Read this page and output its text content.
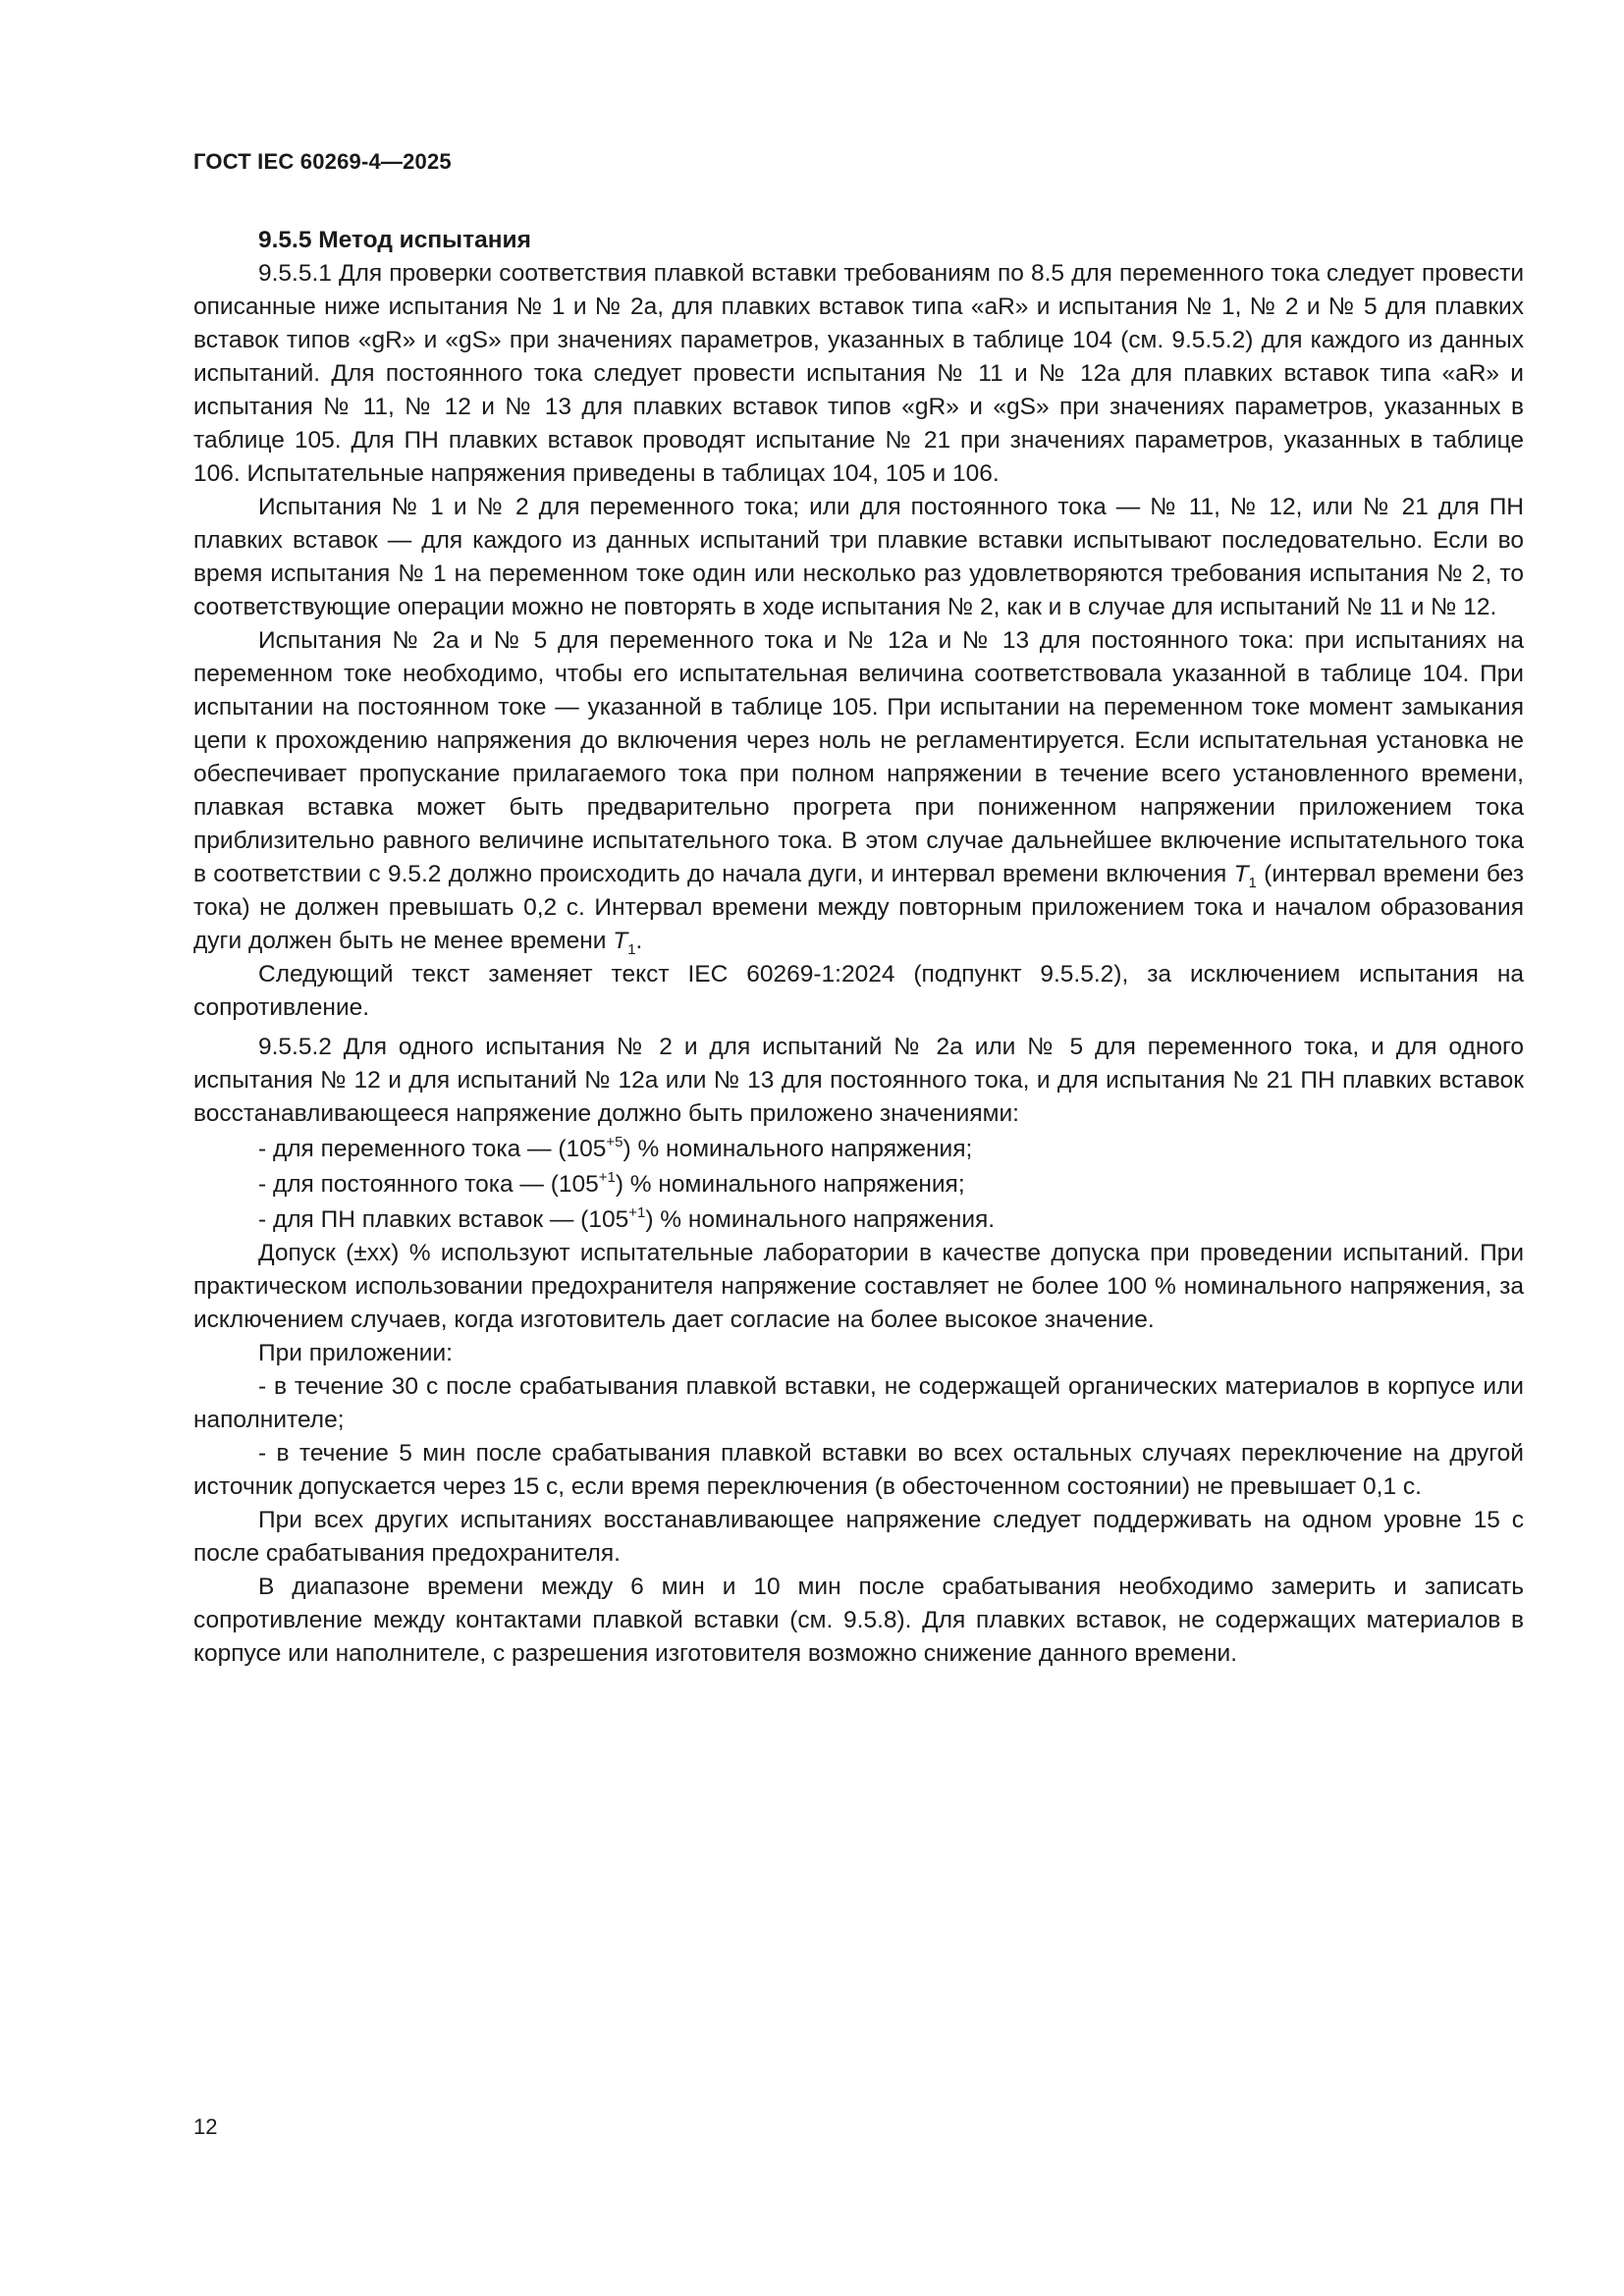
ГОСТ IEC 60269-4—2025

9.5.5 Метод испытания

9.5.5.1 Для проверки соответствия плавкой вставки требованиям по 8.5 для переменного тока следует провести описанные ниже испытания № 1 и № 2а, для плавких вставок типа «aR» и испытания № 1, № 2 и № 5 для плавких вставок типов «gR» и «gS» при значениях параметров, указанных в таблице 104 (см. 9.5.5.2) для каждого из данных испытаний. Для постоянного тока следует провести испытания № 11 и № 12а для плавких вставок типа «aR» и испытания № 11, № 12 и № 13 для плавких вставок типов «gR» и «gS» при значениях параметров, указанных в таблице 105. Для ПН плавких вставок проводят испытание № 21 при значениях параметров, указанных в таблице 106. Испытательные напряжения приведены в таблицах 104, 105 и 106.

Испытания № 1 и № 2 для переменного тока; или для постоянного тока — № 11, № 12, или № 21 для ПН плавких вставок — для каждого из данных испытаний три плавкие вставки испытывают последовательно. Если во время испытания № 1 на переменном токе один или несколько раз удовлетворяются требования испытания № 2, то соответствующие операции можно не повторять в ходе испытания № 2, как и в случае для испытаний № 11 и № 12.

Испытания № 2а и № 5 для переменного тока и № 12а и № 13 для постоянного тока: при испытаниях на переменном токе необходимо, чтобы его испытательная величина соответствовала указанной в таблице 104. При испытании на постоянном токе — указанной в таблице 105. При испытании на переменном токе момент замыкания цепи к прохождению напряжения до включения через ноль не регламентируется. Если испытательная установка не обеспечивает пропускание прилагаемого тока при полном напряжении в течение всего установленного времени, плавкая вставка может быть предварительно прогрета при пониженном напряжении приложением тока приблизительно равного величине испытательного тока. В этом случае дальнейшее включение испытательного тока в соответствии с 9.5.2 должно происходить до начала дуги, и интервал времени включения $T_1$ (интервал времени без тока) не должен превышать 0,2 с. Интервал времени между повторным приложением тока и началом образования дуги должен быть не менее времени $T_1$.

Следующий текст заменяет текст IEC 60269-1:2024 (подпункт 9.5.5.2), за исключением испытания на сопротивление.

9.5.5.2 Для одного испытания № 2 и для испытаний № 2а или № 5 для переменного тока, и для одного испытания № 12 и для испытаний № 12а или № 13 для постоянного тока, и для испытания № 21 ПН плавких вставок восстанавливающееся напряжение должно быть приложено значениями:

- для переменного тока — $(105^{+5})$ % номинального напряжения;

- для постоянного тока — $(105^{+1})$ % номинального напряжения;

- для ПН плавких вставок — $(105^{+1})$ % номинального напряжения.

Допуск (±xx) % используют испытательные лаборатории в качестве допуска при проведении испытаний. При практическом использовании предохранителя напряжение составляет не более 100 % номинального напряжения, за исключением случаев, когда изготовитель дает согласие на более высокое значение.

При приложении:

- в течение 30 с после срабатывания плавкой вставки, не содержащей органических материалов в корпусе или наполнителе;

- в течение 5 мин после срабатывания плавкой вставки во всех остальных случаях переключение на другой источник допускается через 15 с, если время переключения (в обесточенном состоянии) не превышает 0,1 с.

При всех других испытаниях восстанавливающее напряжение следует поддерживать на одном уровне 15 с после срабатывания предохранителя.

В диапазоне времени между 6 мин и 10 мин после срабатывания необходимо замерить и записать сопротивление между контактами плавкой вставки (см. 9.5.8). Для плавких вставок, не содержащих материалов в корпусе или наполнителе, с разрешения изготовителя возможно снижение данного времени.

12
